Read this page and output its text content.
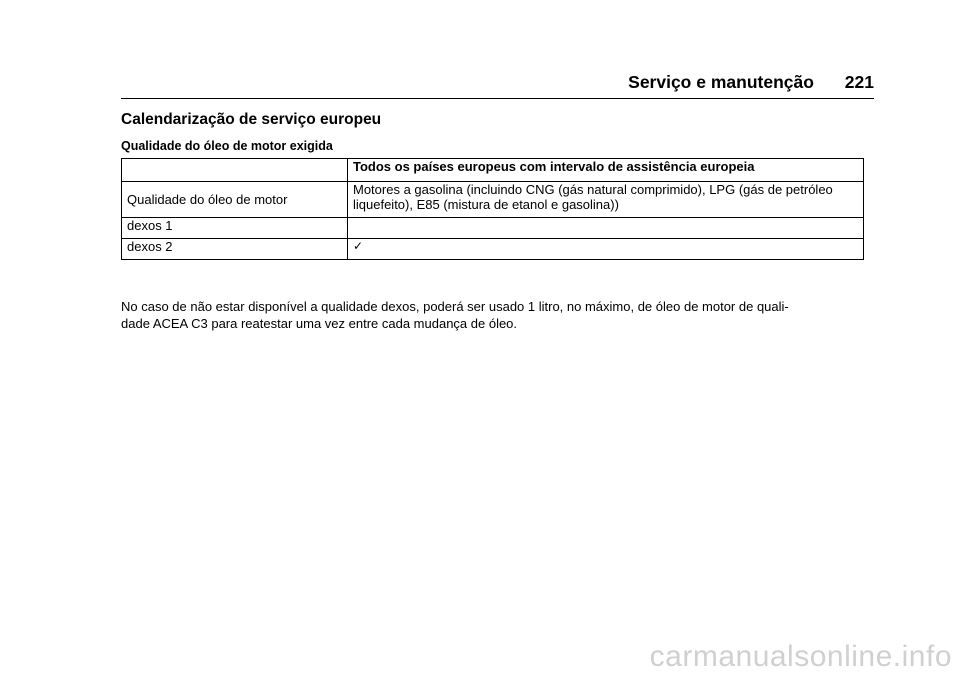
Serviço e manutenção 221
Calendarização de serviço europeu
Qualidade do óleo de motor exigida
	Todos os países europeus com intervalo de assistência europeia
Qualidade do óleo de motor	Motores a gasolina (incluindo CNG (gás natural comprimido), LPG (gás de petróleo liquefeito), E85 (mistura de etanol e gasolina))
dexos 1	
dexos 2	✓
No caso de não estar disponível a qualidade dexos, poderá ser usado 1 litro, no máximo, de óleo de motor de quali-
dade ACEA C3 para reatestar uma vez entre cada mudança de óleo.
carmanualsonline.info
